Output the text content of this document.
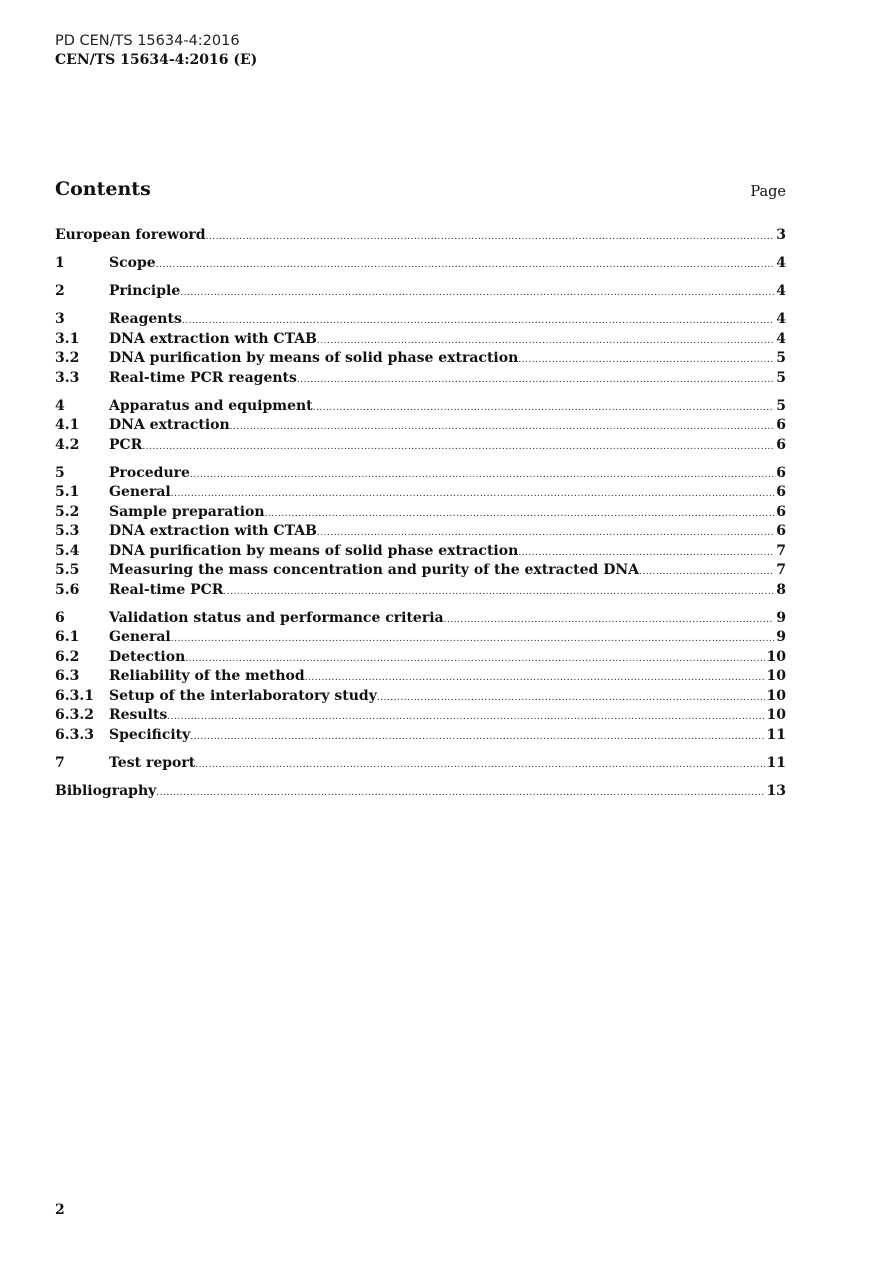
PD CEN/TS 15634-4:2016
CEN/TS 15634-4:2016 (E)
Contents	Page
European foreword .....	3
1	Scope .....	4
2	Principle .....	4
3	Reagents .....	4
3.1	DNA extraction with CTAB .....	4
3.2	DNA purification by means of solid phase extraction .....	5
3.3	Real-time PCR reagents .....	5
4	Apparatus and equipment .....	5
4.1	DNA extraction .....	6
4.2	PCR .....	6
5	Procedure .....	6
5.1	General .....	6
5.2	Sample preparation .....	6
5.3	DNA extraction with CTAB .....	6
5.4	DNA purification by means of solid phase extraction .....	7
5.5	Measuring the mass concentration and purity of the extracted DNA .....	7
5.6	Real-time PCR .....	8
6	Validation status and performance criteria .....	9
6.1	General .....	9
6.2	Detection .....	10
6.3	Reliability of the method .....	10
6.3.1	Setup of the interlaboratory study .....	10
6.3.2	Results .....	10
6.3.3	Specificity .....	11
7	Test report .....	11
Bibliography .....	13
2
